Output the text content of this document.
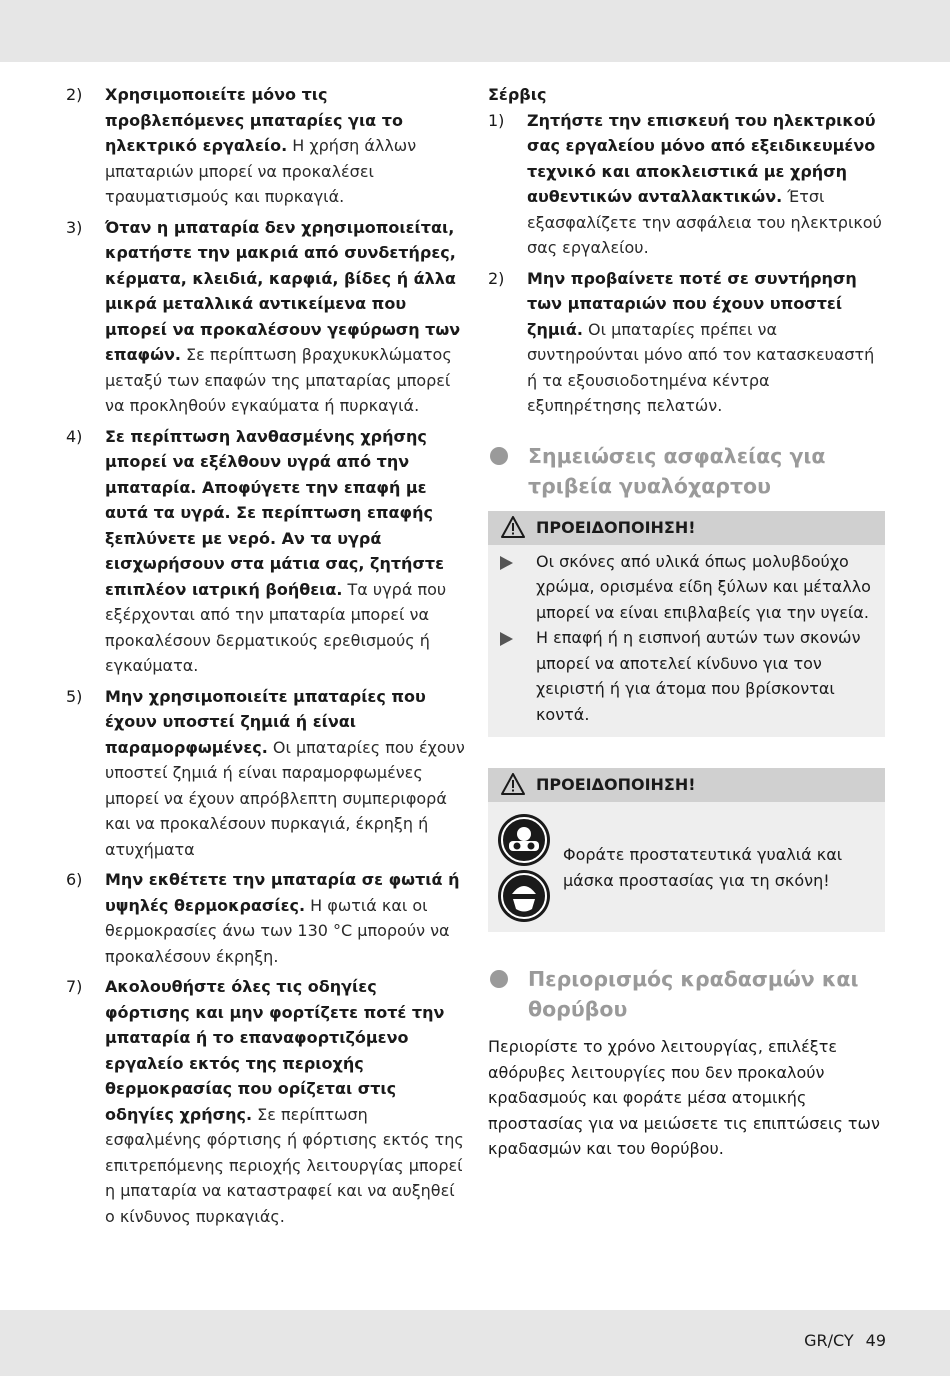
2) Χρησιμοποιείτε μόνο τις προβλεπόμενες μπαταρίες για το ηλεκτρικό εργαλείο. Η χρήση άλλων μπαταριών μπορεί να προκαλέσει τραυματισμούς και πυρκαγιά.
3) Όταν η μπαταρία δεν χρησιμοποιείται, κρατήστε την μακριά από συνδετήρες, κέρματα, κλειδιά, καρφιά, βίδες ή άλλα μικρά μεταλλικά αντικείμενα που μπορεί να προκαλέσουν γεφύρωση των επαφών. Σε περίπτωση βραχυκυκλώματος μεταξύ των επαφών της μπαταρίας μπορεί να προκληθούν εγκαύματα ή πυρκαγιά.
4) Σε περίπτωση λανθασμένης χρήσης μπορεί να εξέλθουν υγρά από την μπαταρία. Αποφύγετε την επαφή με αυτά τα υγρά. Σε περίπτωση επαφής ξεπλύνετε με νερό. Αν τα υγρά εισχωρήσουν στα μάτια σας, ζητήστε επιπλέον ιατρική βοήθεια. Τα υγρά που εξέρχονται από την μπαταρία μπορεί να προκαλέσουν δερματικούς ερεθισμούς ή εγκαύματα.
5) Μην χρησιμοποιείτε μπαταρίες που έχουν υποστεί ζημιά ή είναι παραμορφωμένες. Οι μπαταρίες που έχουν υποστεί ζημιά ή είναι παραμορφωμένες μπορεί να έχουν απρόβλεπτη συμπεριφορά και να προκαλέσουν πυρκαγιά, έκρηξη ή ατυχήματα
6) Μην εκθέτετε την μπαταρία σε φωτιά ή υψηλές θερμοκρασίες. Η φωτιά και οι θερμοκρασίες άνω των 130 °C μπορούν να προκαλέσουν έκρηξη.
7) Ακολουθήστε όλες τις οδηγίες φόρτισης και μην φορτίζετε ποτέ την μπαταρία ή το επαναφορτιζόμενο εργαλείο εκτός της περιοχής θερμοκρασίας που ορίζεται στις οδηγίες χρήσης. Σε περίπτωση εσφαλμένης φόρτισης ή φόρτισης εκτός της επιτρεπόμενης περιοχής λειτουργίας μπορεί η μπαταρία να καταστραφεί και να αυξηθεί ο κίνδυνος πυρκαγιάς.
Σέρβις
1) Ζητήστε την επισκευή του ηλεκτρικού σας εργαλείου μόνο από εξειδικευμένο τεχνικό και αποκλειστικά με χρήση αυθεντικών ανταλλακτικών. Έτσι εξασφαλίζετε την ασφάλεια του ηλεκτρικού σας εργαλείου.
2) Μην προβαίνετε ποτέ σε συντήρηση των μπαταριών που έχουν υποστεί ζημιά. Οι μπαταρίες πρέπει να συντηρούνται μόνο από τον κατασκευαστή ή τα εξουσιοδοτημένα κέντρα εξυπηρέτησης πελατών.
Σημειώσεις ασφαλείας για τριβεία γυαλόχαρτου
ΠΡΟΕΙΔΟΠΟΙΗΣΗ!
Οι σκόνες από υλικά όπως μολυβδούχο χρώμα, ορισμένα είδη ξύλων και μέταλλο μπορεί να είναι επιβλαβείς για την υγεία.
Η επαφή ή η εισπνοή αυτών των σκονών μπορεί να αποτελεί κίνδυνο για τον χειριστή ή για άτομα που βρίσκονται κοντά.
ΠΡΟΕΙΔΟΠΟΙΗΣΗ!
Φοράτε προστατευτικά γυαλιά και μάσκα προστασίας για τη σκόνη!
Περιορισμός κραδασμών και θορύβου
Περιορίστε το χρόνο λειτουργίας, επιλέξτε αθόρυβες λειτουργίες που δεν προκαλούν κραδασμούς και φοράτε μέσα ατομικής προστασίας για να μειώσετε τις επιπτώσεις των κραδασμών και του θορύβου.
GR/CY 49
